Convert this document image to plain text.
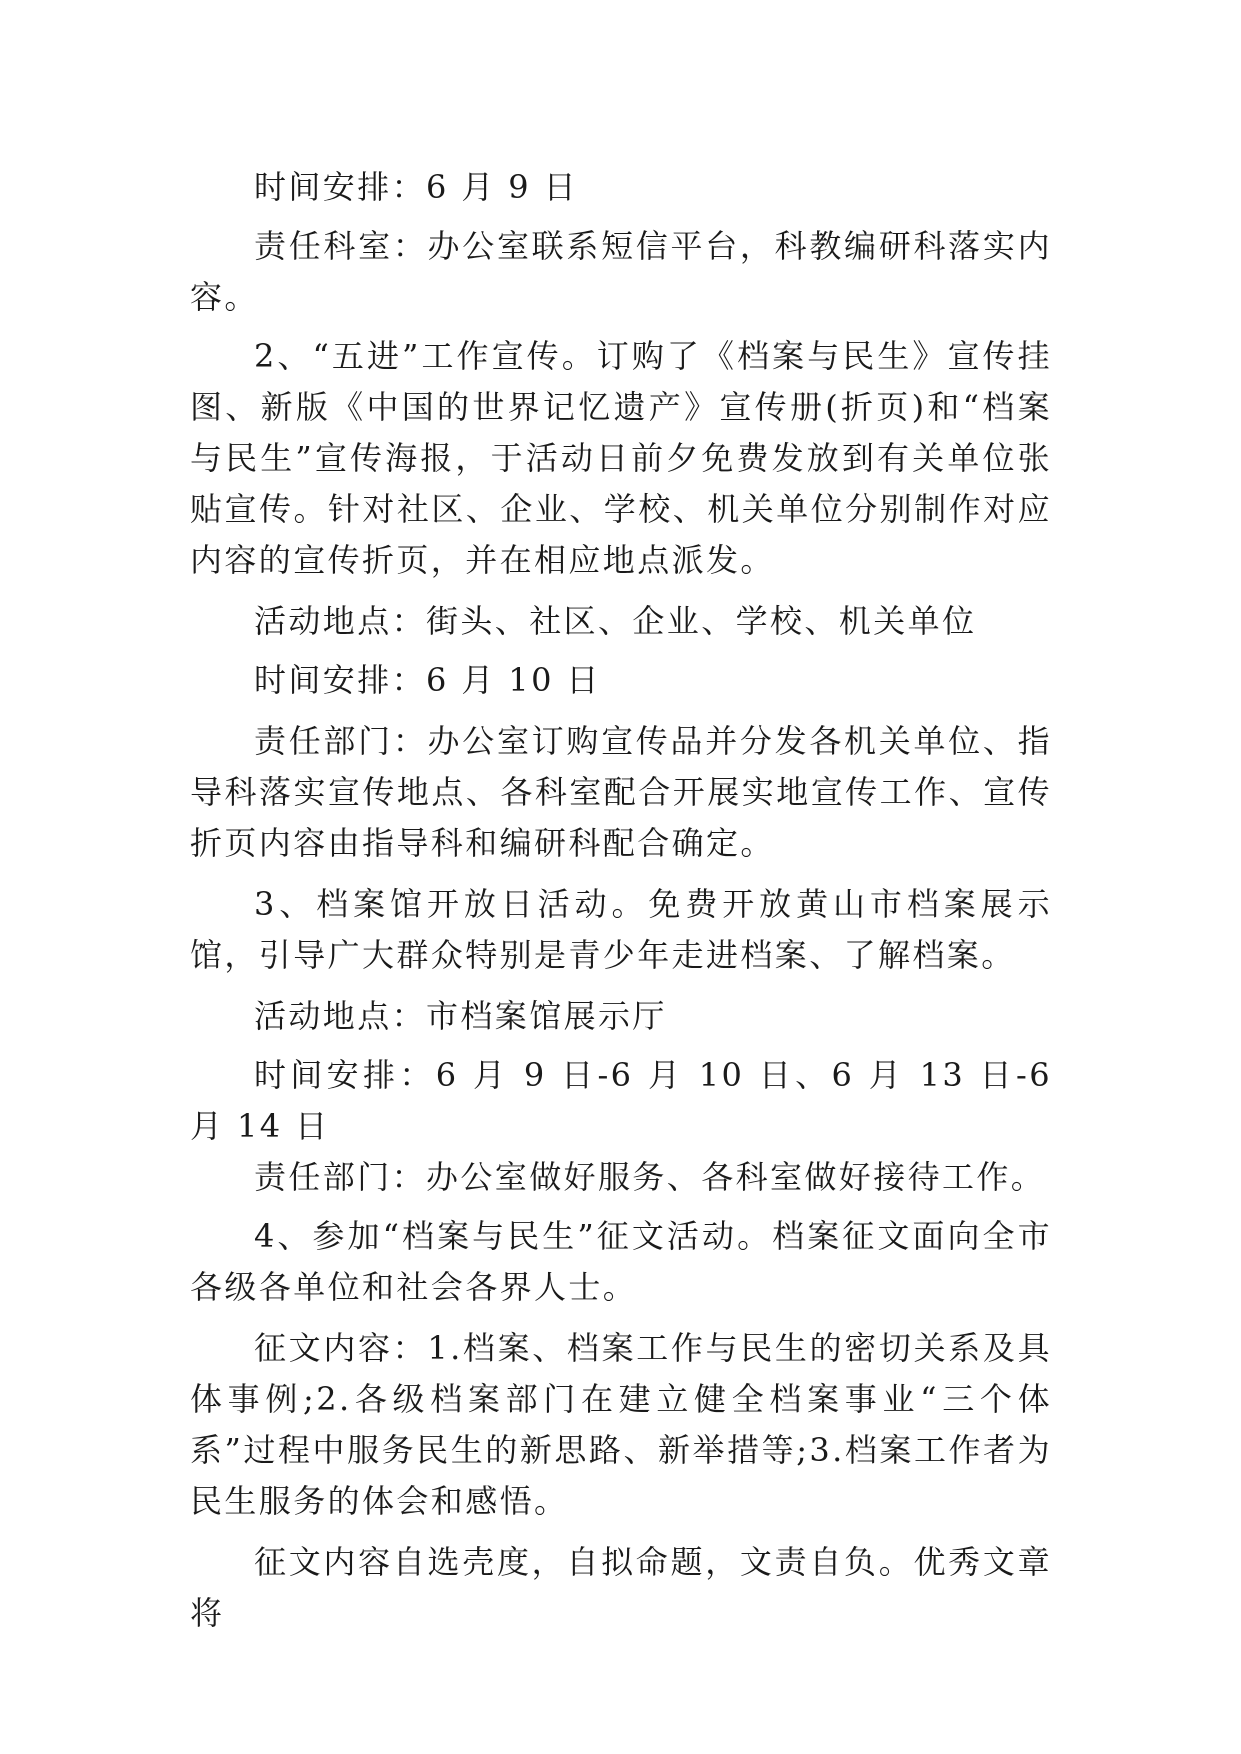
时间安排：6 月 9 日

责任科室：办公室联系短信平台，科教编研科落实内容。

2、“五进”工作宣传。订购了《档案与民生》宣传挂图、新版《中国的世界记忆遗产》宣传册(折页)和“档案与民生”宣传海报，于活动日前夕免费发放到有关单位张贴宣传。针对社区、企业、学校、机关单位分别制作对应内容的宣传折页，并在相应地点派发。

活动地点：街头、社区、企业、学校、机关单位

时间安排：6 月 10 日

责任部门：办公室订购宣传品并分发各机关单位、指导科落实宣传地点、各科室配合开展实地宣传工作、宣传折页内容由指导科和编研科配合确定。

3、档案馆开放日活动。免费开放黄山市档案展示馆，引导广大群众特别是青少年走进档案、了解档案。

活动地点：市档案馆展示厅

时间安排：6 月 9 日-6 月 10 日、6 月 13 日-6 月 14 日

责任部门：办公室做好服务、各科室做好接待工作。

4、参加“档案与民生”征文活动。档案征文面向全市各级各单位和社会各界人士。

征文内容：1.档案、档案工作与民生的密切关系及具体事例;2.各级档案部门在建立健全档案事业“三个体系”过程中服务民生的新思路、新举措等;3.档案工作者为民生服务的体会和感悟。

征文内容自选壳度，自拟命题，文责自负。优秀文章将
